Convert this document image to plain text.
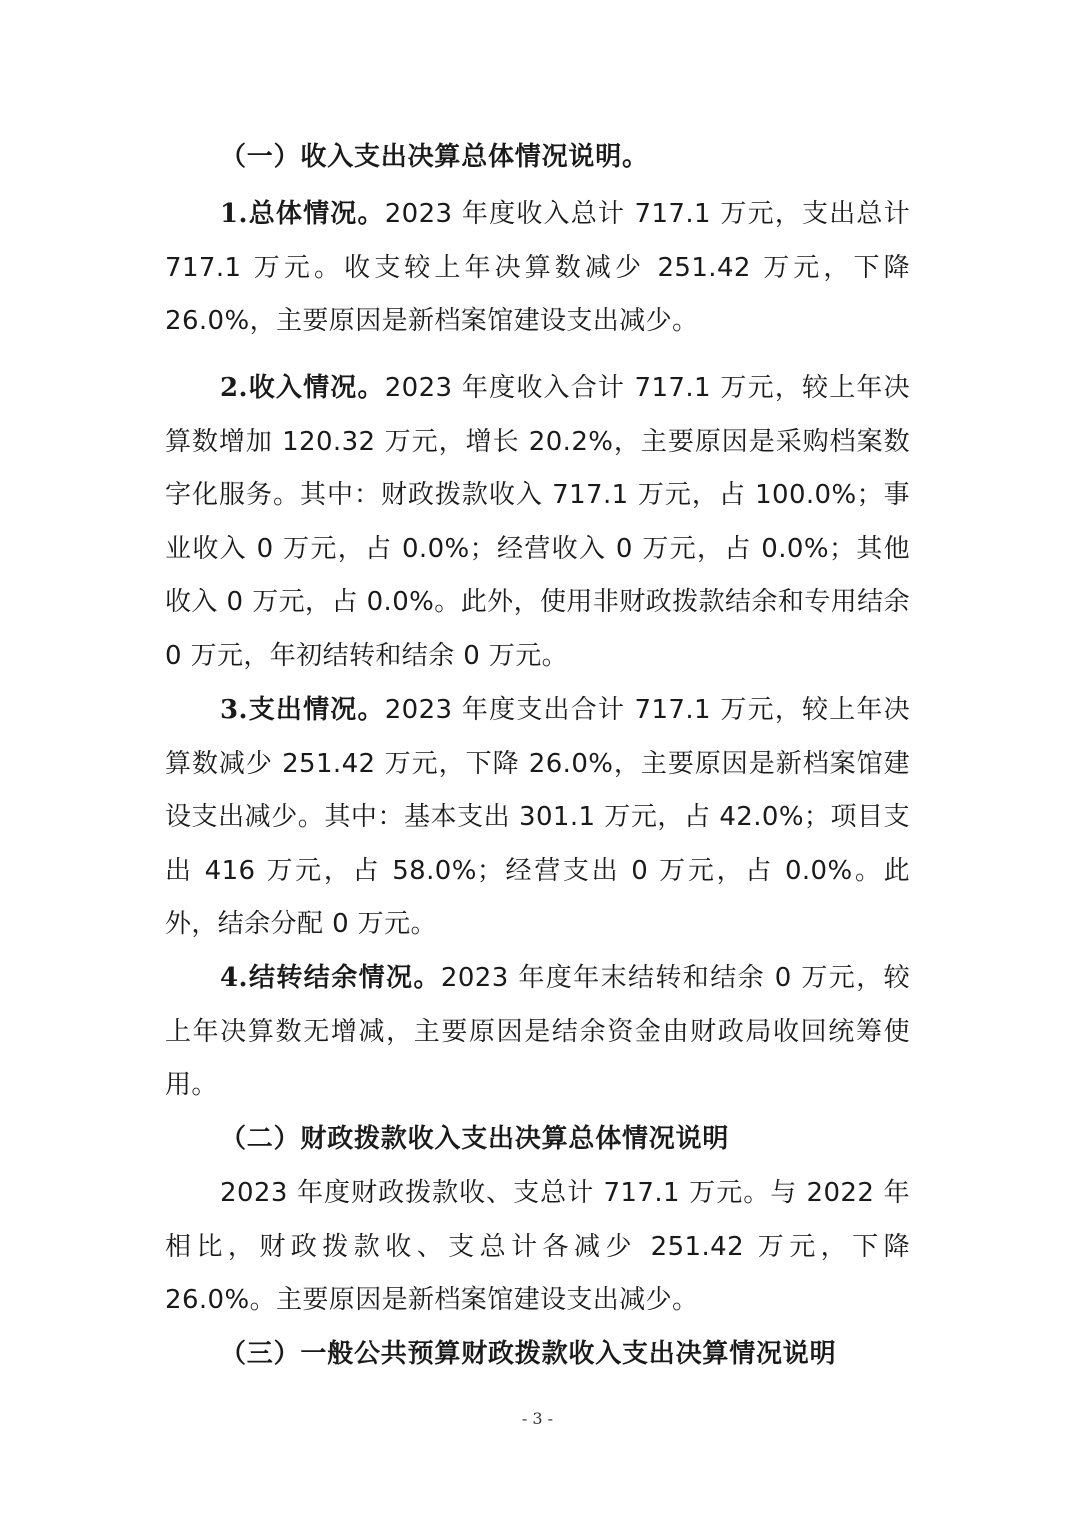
（一）收入支出决算总体情况说明。

1.总体情况。2023 年度收入总计 717.1 万元，支出总计 717.1 万元。收支较上年决算数减少 251.42 万元，下降 26.0%，主要原因是新档案馆建设支出减少。

2.收入情况。2023 年度收入合计 717.1 万元，较上年决算数增加 120.32 万元，增长 20.2%，主要原因是采购档案数字化服务。其中：财政拨款收入 717.1 万元，占 100.0%；事业收入 0 万元，占 0.0%；经营收入 0 万元，占 0.0%；其他收入 0 万元，占 0.0%。此外，使用非财政拨款结余和专用结余 0 万元，年初结转和结余 0 万元。

3.支出情况。2023 年度支出合计 717.1 万元，较上年决算数减少 251.42 万元，下降 26.0%，主要原因是新档案馆建设支出减少。其中：基本支出 301.1 万元，占 42.0%；项目支出 416 万元，占 58.0%；经营支出 0 万元，占 0.0%。此外，结余分配 0 万元。

4.结转结余情况。2023 年度年末结转和结余 0 万元，较上年决算数无增减，主要原因是结余资金由财政局收回统筹使用。

（二）财政拨款收入支出决算总体情况说明

2023 年度财政拨款收、支总计 717.1 万元。与 2022 年相比，财政拨款收、支总计各减少 251.42 万元，下降 26.0%。主要原因是新档案馆建设支出减少。

（三）一般公共预算财政拨款收入支出决算情况说明

- 3 -
